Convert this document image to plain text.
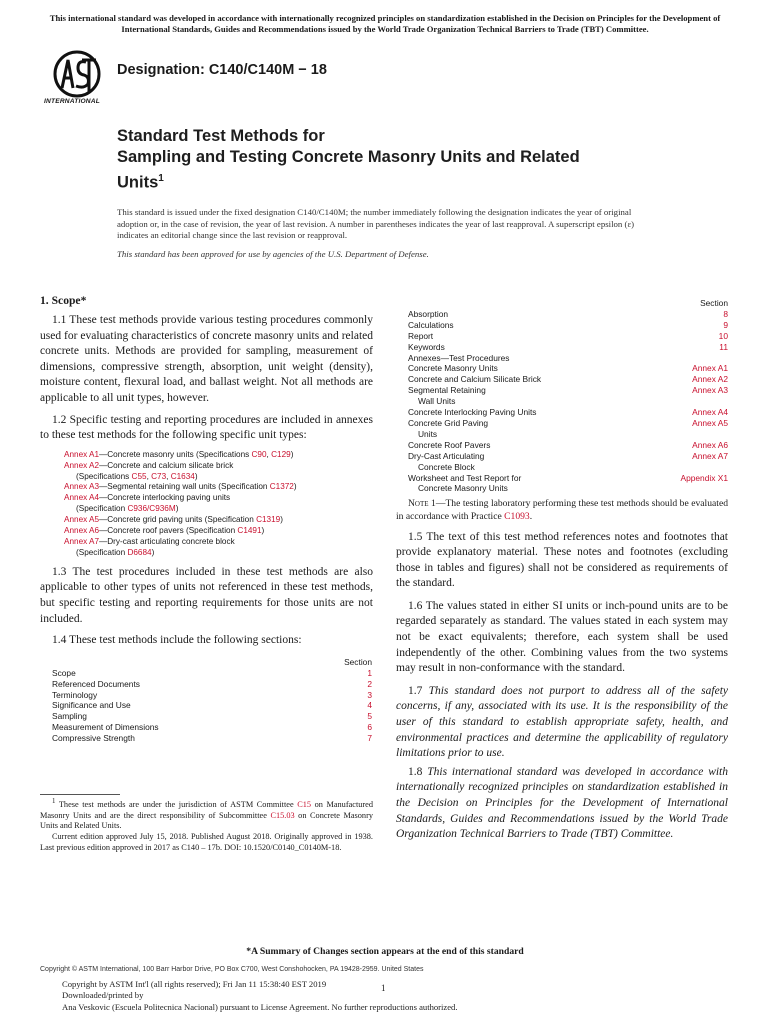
This international standard was developed in accordance with internationally recognized principles on standardization established in the Decision on Principles for the Development of International Standards, Guides and Recommendations issued by the World Trade Organization Technical Barriers to Trade (TBT) Committee.
INTERNATIONAL
Designation: C140/C140M − 18
Standard Test Methods for
Sampling and Testing Concrete Masonry Units and Related
Units$^1$
This standard is issued under the fixed designation C140/C140M; the number immediately following the designation indicates the year of original adoption or, in the case of revision, the year of last revision. A number in parentheses indicates the year of last reapproval. A superscript epsilon (ε) indicates an editorial change since the last revision or reapproval.
This standard has been approved for use by agencies of the U.S. Department of Defense.
1. Scope*

1.1 These test methods provide various testing procedures commonly used for evaluating characteristics of concrete masonry units and related concrete units. Methods are provided for sampling, measurement of dimensions, compressive strength, absorption, unit weight (density), moisture content, flexural load, and ballast weight. Not all methods are applicable to all unit types, however.

1.2 Specific testing and reporting procedures are included in annexes to these test methods for the following specific unit types:

Annex A1—Concrete masonry units (Specifications C90, C129)
Annex A2—Concrete and calcium silicate brick
(Specifications C55, C73, C1634)
Annex A3—Segmental retaining wall units (Specification C1372)
Annex A4—Concrete interlocking paving units
(Specification C936/C936M)
Annex A5—Concrete grid paving units (Specification C1319)
Annex A6—Concrete roof pavers (Specification C1491)
Annex A7—Dry-cast articulating concrete block
(Specification D6684)

1.3 The test procedures included in these test methods are also applicable to other types of units not referenced in these test methods, but specific testing and reporting requirements for those units are not included.

1.4 These test methods include the following sections:

Section
Scope	1
Referenced Documents	2
Terminology	3
Significance and Use	4
Sampling	5
Measurement of Dimensions	6
Compressive Strength	7

$^1$ These test methods are under the jurisdiction of ASTM Committee C15 on Manufactured Masonry Units and are the direct responsibility of Subcommittee C15.03 on Concrete Masonry Units and Related Units.

Current edition approved July 15, 2018. Published August 2018. Originally approved in 1938. Last previous edition approved in 2017 as C140 – 17b. DOI: 10.1520/C0140_C0140M-18.

Section
Absorption	8
Calculations	9
Report	10
Keywords	11
Annexes—Test Procedures
Concrete Masonry Units	Annex A1
Concrete and Calcium Silicate Brick	Annex A2
Segmental Retaining	Annex A3
Wall Units
Concrete Interlocking Paving Units	Annex A4
Concrete Grid Paving	Annex A5
Units
Concrete Roof Pavers	Annex A6
Dry-Cast Articulating	Annex A7
Concrete Block
Worksheet and Test Report for	Appendix X1
Concrete Masonry Units

Note 1—The testing laboratory performing these test methods should be evaluated in accordance with Practice C1093.

1.5 The text of this test method references notes and footnotes that provide explanatory material. These notes and footnotes (excluding those in tables and figures) shall not be considered as requirements of the standard.

1.6 The values stated in either SI units or inch-pound units are to be regarded separately as standard. The values stated in each system may not be exact equivalents; therefore, each system shall be used independently of the other. Combining values from the two systems may result in non-conformance with the standard.

1.7 This standard does not purport to address all of the safety concerns, if any, associated with its use. It is the responsibility of the user of this standard to establish appropriate safety, health, and environmental practices and determine the applicability of regulatory limitations prior to use.

1.8 This international standard was developed in accordance with internationally recognized principles on standardization established in the Decision on Principles for the Development of International Standards, Guides and Recommendations issued by the World Trade Organization Technical Barriers to Trade (TBT) Committee.

*A Summary of Changes section appears at the end of this standard
Copyright © ASTM International, 100 Barr Harbor Drive, PO Box C700, West Conshohocken, PA 19428-2959. United States
Copyright by ASTM Int'l (all rights reserved); Fri Jan 11 15:38:40 EST 2019
Downloaded/printed by
Ana Veskovic (Escuela Politecnica Nacional) pursuant to License Agreement. No further reproductions authorized.
1
